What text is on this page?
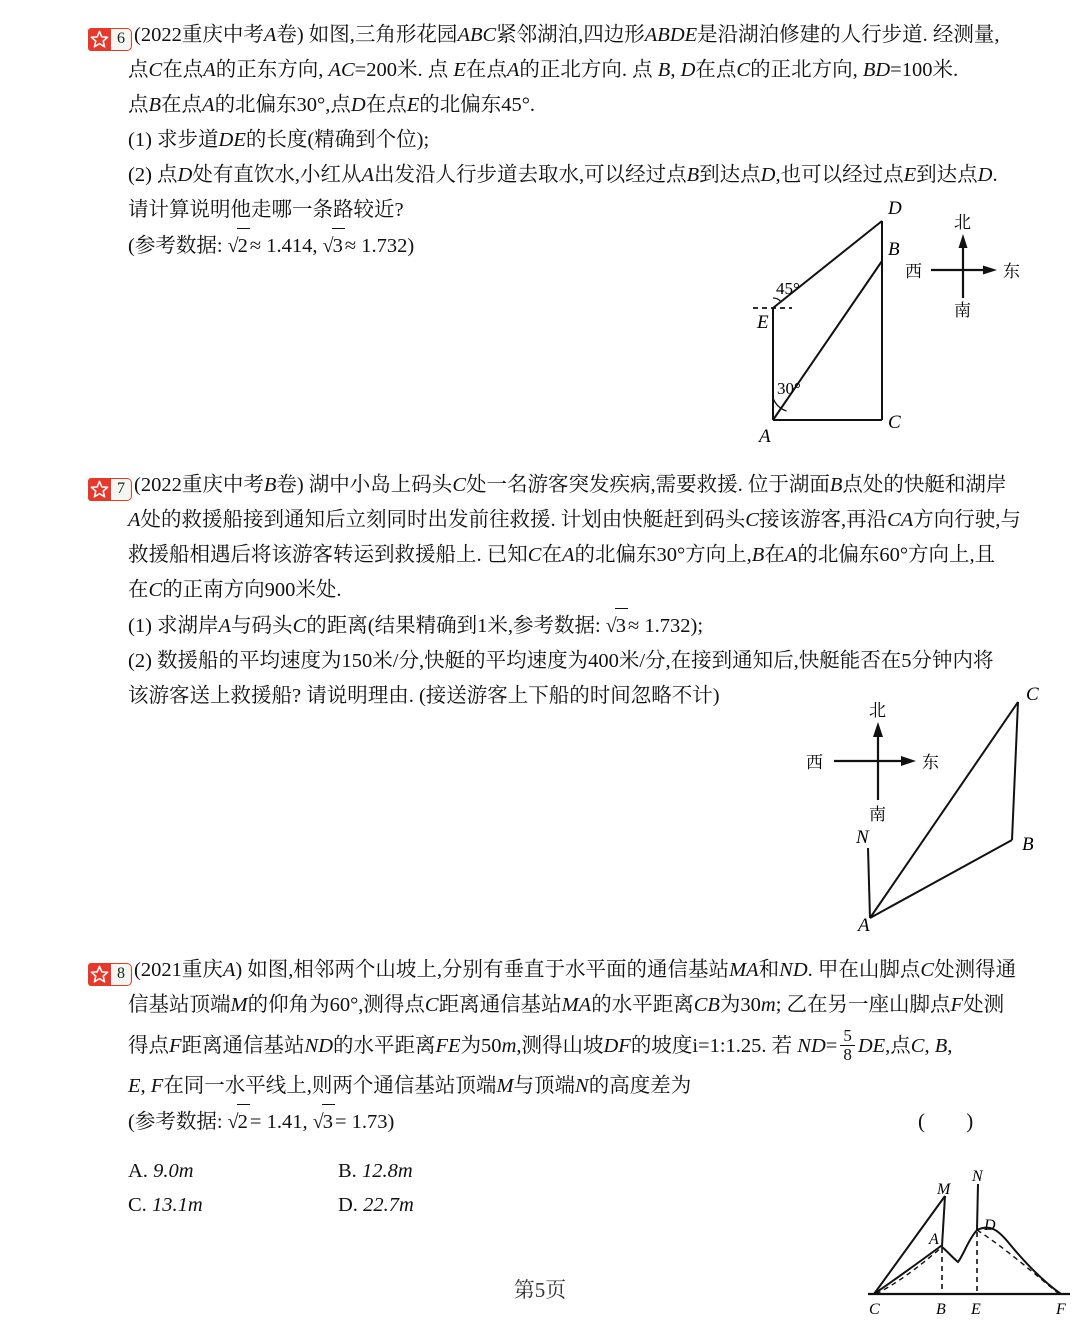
6 (2022重庆中考A卷) 如图,三角形花园ABC紧邻湖泊,四边形ABDE是沿湖泊修建的人行步道. 经测量,

点C在点A的正东方向, AC=200米. 点 E在点A的正北方向. 点 B, D在点C的正北方向, BD=100米.

点B在点A的北偏东30°,点D在点E的北偏东45°.

(1) 求步道DE的长度(精确到个位);

(2) 点D处有直饮水,小红从A出发沿人行步道去取水,可以经过点B到达点D,也可以经过点E到达点D.

请计算说明他走哪一条路较近?

(参考数据: √2≈ 1.414, √3≈ 1.732)

D
B
E
C
A
45°
30°
北
南
东
西

7 (2022重庆中考B卷) 湖中小岛上码头C处一名游客突发疾病,需要救援. 位于湖面B点处的快艇和湖岸

A处的救援船接到通知后立刻同时出发前往救援. 计划由快艇赶到码头C接该游客,再沿CA方向行驶,与

救援船相遇后将该游客转运到救援船上. 已知C在A的北偏东30°方向上,B在A的北偏东60°方向上,且

在C的正南方向900米处.

(1) 求湖岸A与码头C的距离(结果精确到1米,参考数据: √3≈ 1.732);

(2) 数援船的平均速度为150米/分,快艇的平均速度为400米/分,在接到通知后,快艇能否在5分钟内将

该游客送上救援船? 请说明理由. (接送游客上下船的时间忽略不计)	C
B
N
A
北
南
东
西

8 (2021重庆A) 如图,相邻两个山坡上,分别有垂直于水平面的通信基站MA和ND. 甲在山脚点C处测得通

信基站顶端M的仰角为60°,测得点C距离通信基站MA的水平距离CB为30m; 乙在另一座山脚点F处测

得点F距离通信基站ND的水平距离FE为50m,测得山坡DF的坡度i=1:1.25. 若 $ND= \frac{5}{8}$ DE,点C, B,

E, F在同一水平线上,则两个通信基站顶端M与顶端N的高度差为

(参考数据: √2= 1.41, √3= 1.73)	( )

A. 9.0m	B. 12.8m
C. 13.1m	D. 22.7m
M
N
A
D
C	B E	F
第5页
